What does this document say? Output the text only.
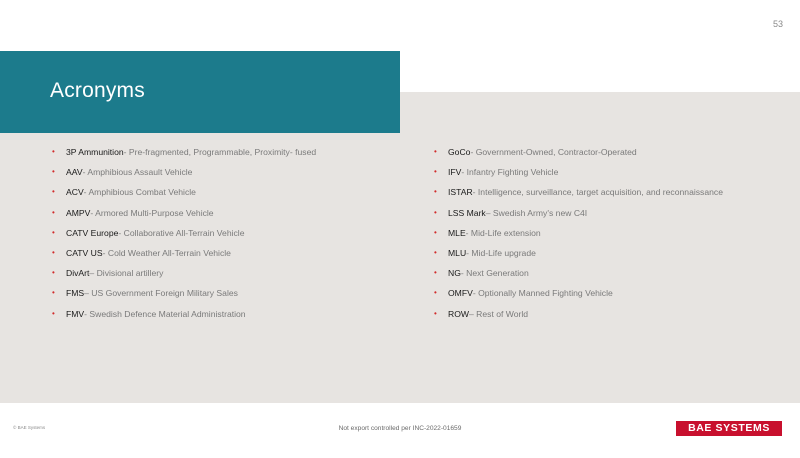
53
Acronyms
•	3P Ammunition - Pre-fragmented, Programmable, Proximity- fused
•	AAV - Amphibious Assault Vehicle
•	ACV - Amphibious Combat Vehicle
•	AMPV - Armored Multi-Purpose Vehicle
•	CATV Europe - Collaborative All-Terrain Vehicle
•	CATV US - Cold Weather All-Terrain Vehicle
•	DivArt – Divisional artillery
•	FMS – US Government Foreign Military Sales
•	FMV - Swedish Defence Material Administration
•	GoCo - Government-Owned, Contractor-Operated
•	IFV - Infantry Fighting Vehicle
•	ISTAR - Intelligence, surveillance, target acquisition, and reconnaissance
•	LSS Mark – Swedish Army's new C4I
•	MLE - Mid-Life extension
•	MLU - Mid-Life upgrade
•	NG - Next Generation
•	OMFV - Optionally Manned Fighting Vehicle
•	ROW – Rest of World
© BAE Systems	Not export controlled per INC-2022-01659	BAE SYSTEMS
